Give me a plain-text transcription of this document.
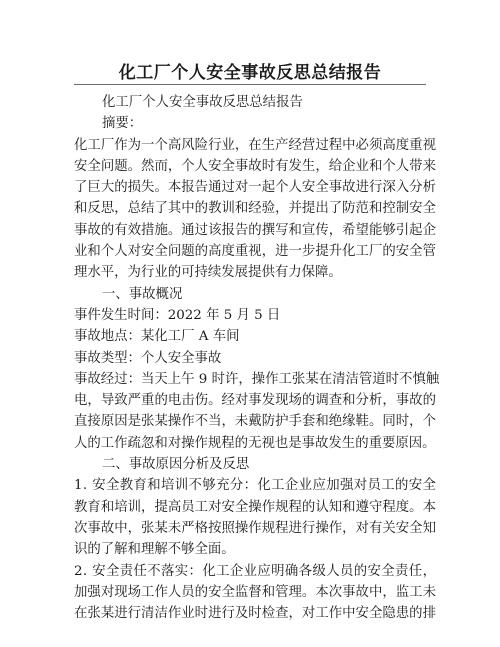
化工厂个人安全事故反思总结报告
化工厂个人安全事故反思总结报告
摘要：
化 工 厂 作 为 一 个 高 风 险 行 业 ， 在 生 产 经 营 过 程 中 必 须 高 度 重 视
安 全 问 题 。 然 而 ， 个 人 安 全 事 故 时 有 发 生 ， 给 企 业 和 个 人 带 来
了 巨 大 的 损 失 。 本 报 告 通 过 对 一 起 个 人 安 全 事 故 进 行 深 入 分 析
和 反 思 ， 总 结 了 其 中 的 教 训 和 经 验 ， 并 提 出 了 防 范 和 控 制 安 全
事 故 的 有 效 措 施 。 通 过 该 报 告 的 撰 写 和 宣 传 ， 希 望 能 够 引 起 企
业 和 个 人 对 安 全 问 题 的 高 度 重 视 ， 进 一 步 提 升 化 工 厂 的 安 全 管
理水平，为行业的可持续发展提供有力保障。
一、事故概况
事件发生时间：2022 年 5 月 5 日
事故地点：某化工厂 A 车间
事故类型：个人安全事故
事 故 经 过 ： 当 天 上 午
9
时 许 ， 操 作 工 张 某 在 清 洁 管 道 时 不 慎 触
电 ， 导 致 严 重 的 电 击 伤 。 经 对 事 发 现 场 的 调 查 和 分 析 ， 事 故 的
直 接 原 因 是 张 某 操 作 不 当 ， 未 戴 防 护 手 套 和 绝 缘 鞋 。 同 时 ， 个
人的工作疏忽和对操作规程的无视也是事故发生的重要原因。
二、事故原因分析及反思
1 .
安 全 教 育 和 培 训 不 够 充 分 ： 化 工 企 业 应 加 强 对 员 工 的 安 全
教 育 和 培 训 ， 提 高 员 工 对 安 全 操 作 规 程 的 认 知 和 遵 守 程 度 。 本
次 事 故 中 ， 张 某 未 严 格 按 照 操 作 规 程 进 行 操 作 ， 对 有 关 安 全 知
识的了解和理解不够全面。
2 .
安 全 责 任 不 落 实 ： 化 工 企 业 应 明 确 各 级 人 员 的 安 全 责 任 ，
加 强 对 现 场 工 作 人 员 的 安 全 监 督 和 管 理 。 本 次 事 故 中 ， 监 工 未
在 张 某 进 行 清 洁 作 业 时 进 行 及 时 检 查 ， 对 工 作 中 安 全 隐 患 的 排
